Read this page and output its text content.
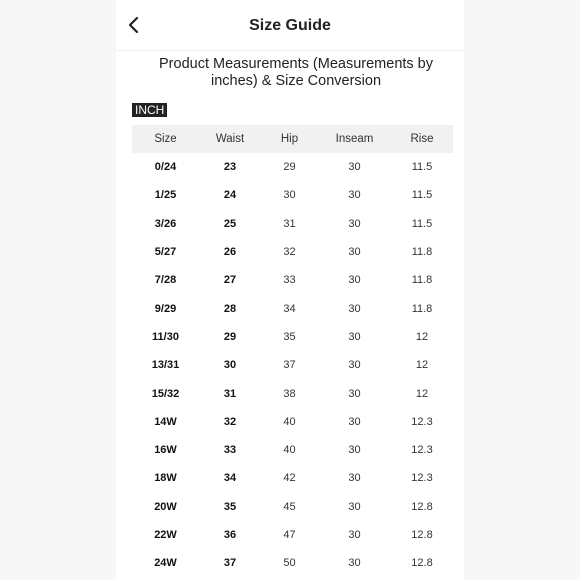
Size Guide
Product Measurements (Measurements by
inches) & Size Conversion
INCH
Size	Waist	Hip	Inseam	Rise
0/24	23	29	30	11.5
1/25	24	30	30	11.5
3/26	25	31	30	11.5
5/27	26	32	30	11.8
7/28	27	33	30	11.8
9/29	28	34	30	11.8
11/30	29	35	30	12
13/31	30	37	30	12
15/32	31	38	30	12
14W	32	40	30	12.3
16W	33	40	30	12.3
18W	34	42	30	12.3
20W	35	45	30	12.8
22W	36	47	30	12.8
24W	37	50	30	12.8
